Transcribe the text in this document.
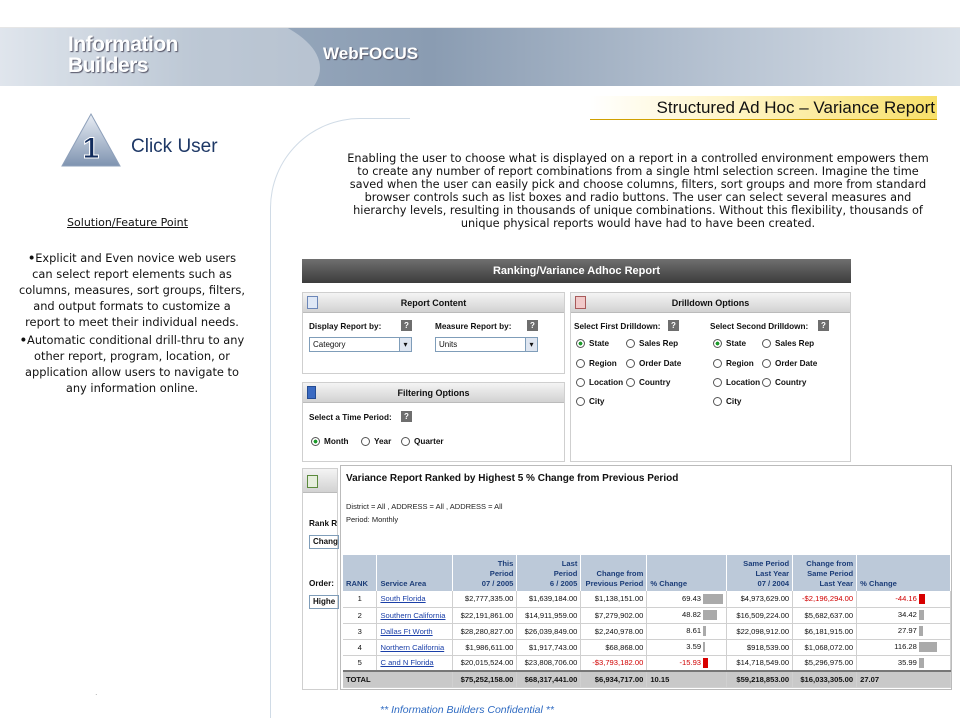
Information
Builders
WebFOCUS
Structured Ad Hoc – Variance Report
1 Click User
Solution/Feature Point
• Explicit and Even novice web users can select report elements such as columns, measures, sort groups, filters, and output formats to customize a report to meet their individual needs.
• Automatic conditional drill-thru to any other report, program, location, or application allow users to navigate to any information online.
Enabling the user to choose what is displayed on a report in a controlled environment empowers them to create any number of report combinations from a single html selection screen. Imagine the time saved when the user can easily pick and choose columns, filters, sort groups and more from standard browser controls such as list boxes and radio buttons. The user can select several measures and hierarchy levels, resulting in thousands of unique combinations. Without this flexibility, thousands of unique physical reports would have had to have been created.
Ranking/Variance Adhoc Report
Report Content
Display Report by:	?
Category ▾
Measure Report by:	?
Units ▾
Drilldown Options
Select First Drilldown:	?	Select Second Drilldown:	?
State	Sales Rep
Region	Order Date
Location	Country
City
State	Sales Rep
Region	Order Date
Location	Country
City
Filtering Options
Select a Time Period:	?
Month	Year	Quarter
Rank R
Chang
Order:
Highe
Variance Report Ranked by Highest 5 % Change from Previous Period
District = All , ADDRESS = All , ADDRESS = All
Period: Monthly
RANK	Service Area	This
Period
07 / 2005	Last
Period
6 / 2005	Change from
Previous Period	% Change	Same Period
Last Year
07 / 2004	Change from
Same Period
Last Year	% Change
1	South Florida	$2,777,335.00	$1,639,184.00	$1,138,151.00	69.43	$4,973,629.00	-$2,196,294.00	-44.16
2	Southern California	$22,191,861.00	$14,911,959.00	$7,279,902.00	48.82	$16,509,224.00	$5,682,637.00	34.42
3	Dallas Ft Worth	$28,280,827.00	$26,039,849.00	$2,240,978.00	8.61	$22,098,912.00	$6,181,915.00	27.97
4	Northern California	$1,986,611.00	$1,917,743.00	$68,868.00	3.59	$918,539.00	$1,068,072.00	116.28
5	C and N Florida	$20,015,524.00	$23,808,706.00	-$3,793,182.00	-15.93	$14,718,549.00	$5,296,975.00	35.99
TOTAL		$75,252,158.00	$68,317,441.00	$6,934,717.00	10.15	$59,218,853.00	$16,033,305.00	27.07
.
** Information Builders Confidential **
